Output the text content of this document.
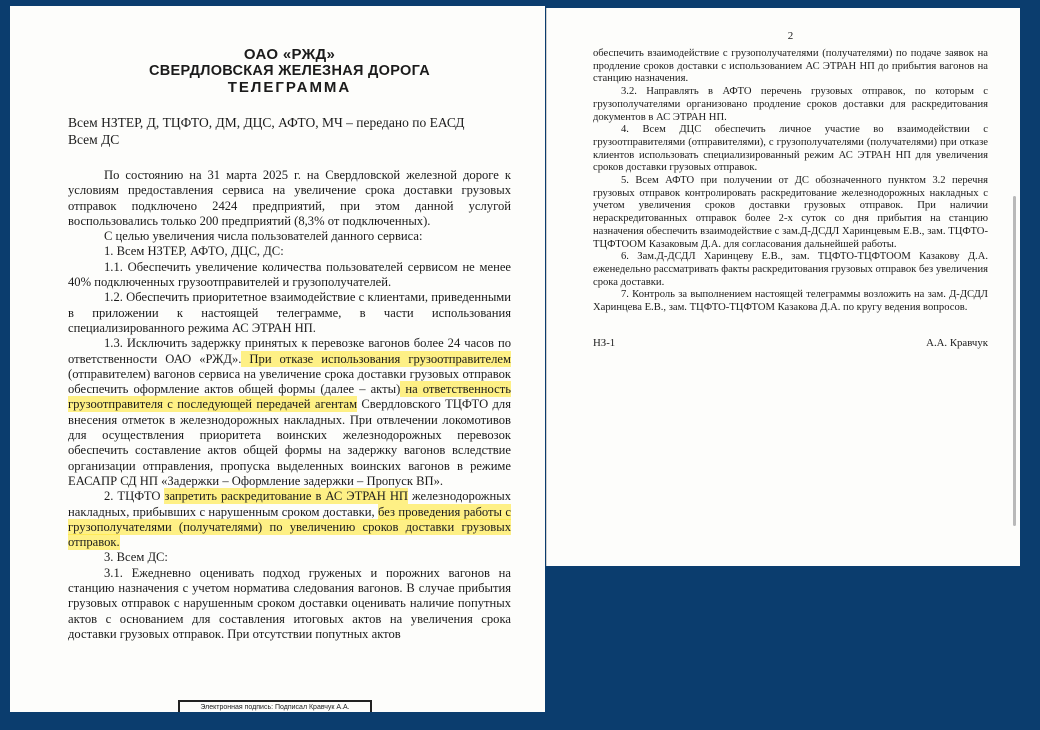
ОАО «РЖД»
СВЕРДЛОВСКАЯ ЖЕЛЕЗНАЯ ДОРОГА
ТЕЛЕГРАММА
Всем НЗТЕР, Д, ТЦФТО, ДМ, ДЦС, АФТО, МЧ – передано по ЕАСД
Всем ДС

По состоянию на 31 марта 2025 г. на Свердловской железной дороге к условиям предоставления сервиса на увеличение срока доставки грузовых отправок подключено 2424 предприятий, при этом данной услугой воспользовались только 200 предприятий (8,3% от подключенных).

С целью увеличения числа пользователей данного сервиса:

1. Всем НЗТЕР, АФТО, ДЦС, ДС:

1.1. Обеспечить увеличение количества пользователей сервисом не менее 40% подключенных грузоотправителей и грузополучателей.

1.2. Обеспечить приоритетное взаимодействие с клиентами, приведенными в приложении к настоящей телеграмме, в части использования специализированного режима АС ЭТРАН НП.

1.3. Исключить задержку принятых к перевозке вагонов более 24 часов по ответственности ОАО «РЖД». При отказе использования грузоотправителем (отправителем) вагонов сервиса на увеличение срока доставки грузовых отправок обеспечить оформление актов общей формы (далее – акты) на ответственность грузоотправителя с последующей передачей агентам Свердловского ТЦФТО для внесения отметок в железнодорожных накладных. При отвлечении локомотивов для осуществления приоритета воинских железнодорожных перевозок обеспечить составление актов общей формы на задержку вагонов вследствие организации отправления, пропуска выделенных воинских вагонов в режиме ЕАСАПР СД НП «Задержки – Оформление задержки – Пропуск ВП».

2. ТЦФТО запретить раскредитование в АС ЭТРАН НП железнодорожных накладных, прибывших с нарушенным сроком доставки, без проведения работы с грузополучателями (получателями) по увеличению сроков доставки грузовых отправок.

3. Всем ДС:

3.1. Ежедневно оценивать подход груженых и порожних вагонов на станцию назначения с учетом норматива следования вагонов. В случае прибытия грузовых отправок с нарушенным сроком доставки оценивать наличие попутных актов с основанием для составления итоговых актов на увеличения срока доставки грузовых отправок. При отсутствии попутных актов

Электронная подпись: Подписал Кравчук А.А.
2

обеспечить взаимодействие с грузополучателями (получателями) по подаче заявок на продление сроков доставки с использованием АС ЭТРАН НП до прибытия вагонов на станцию назначения.

3.2. Направлять в АФТО перечень грузовых отправок, по которым с грузополучателями организовано продление сроков доставки для раскредитования документов в АС ЭТРАН НП.

4. Всем ДЦС обеспечить личное участие во взаимодействии с грузоотправителями (отправителями), с грузополучателями (получателями) при отказе клиентов использовать специализированный режим АС ЭТРАН НП для увеличения сроков доставки грузовых отправок.

5. Всем АФТО при получении от ДС обозначенного пунктом 3.2 перечня грузовых отправок контролировать раскредитование железнодорожных накладных с учетом увеличения сроков доставки грузовых отправок. При наличии нераскредитованных отправок более 2-х суток со дня прибытия на станцию назначения обеспечить взаимодействие с зам.Д-ДСДЛ Харинцевым Е.В., зам. ТЦФТО-ТЦФТООМ Казаковым Д.А. для согласования дальнейшей работы.

6. Зам.Д-ДСДЛ Харинцеву Е.В., зам. ТЦФТО-ТЦФТООМ Казакову Д.А. еженедельно рассматривать факты раскредитования грузовых отправок без увеличения срока доставки.

7. Контроль за выполнением настоящей телеграммы возложить на зам. Д-ДСДЛ Харинцева Е.В., зам. ТЦФТО-ТЦФТОМ Казакова Д.А. по кругу ведения вопросов.

НЗ-1	А.А. Кравчук
